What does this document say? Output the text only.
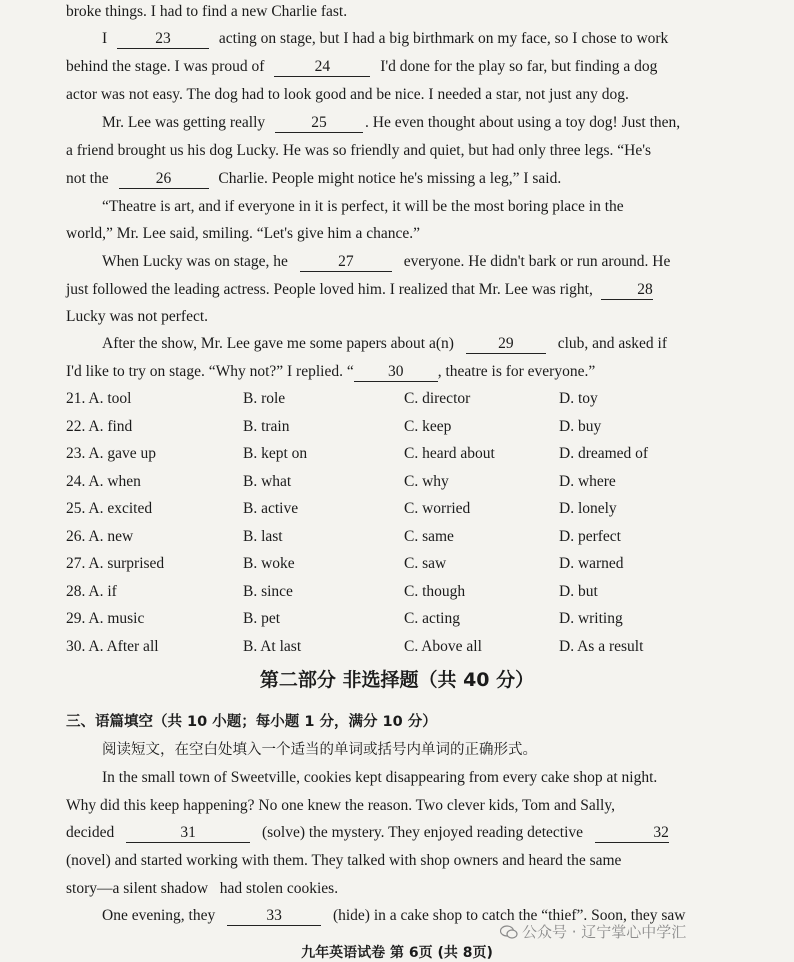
broke things. I had to find a new Charlie fast.
I	23	acting on stage, but I had a big birthmark on my face, so I chose to work
behind the stage. I was proud of	24	I'd done for the play so far, but finding a dog
actor was not easy. The dog had to look good and be nice. I needed a star, not just any dog.
Mr. Lee was getting really	25 . He even thought about using a toy dog! Just then,
a friend brought us his dog Lucky. He was so friendly and quiet, but had only three legs. “He's
not the	26	Charlie. People might notice he's missing a leg,” I said.
“Theatre is art, and if everyone in it is perfect, it will be the most boring place in the
world,” Mr. Lee said, smiling. “Let's give him a chance.”
When Lucky was on stage, he	27	everyone. He didn't bark or run around. He
just followed the leading actress. People loved him. I realized that Mr. Lee was right,	28
Lucky was not perfect.
After the show, Mr. Lee gave me some papers about a(n)	29	club, and asked if
I'd like to try on stage. “Why not?” I replied. “ 30 , theatre is for everyone.”
21. A. tool	B. role	C. director	D. toy
22. A. find	B. train	C. keep	D. buy
23. A. gave up	B. kept on	C. heard about	D. dreamed of
24. A. when	B. what	C. why	D. where
25. A. excited	B. active	C. worried	D. lonely
26. A. new	B. last	C. same	D. perfect
27. A. surprised	B. woke	C. saw	D. warned
28. A. if	B. since	C. though	D. but
29. A. music	B. pet	C. acting	D. writing
30. A. After all	B. At last	C. Above all	D. As a result
第二部分 非选择题（共 40 分）
三、语篇填空（共 10 小题；每小题 1 分，满分 10 分）
阅读短文，在空白处填入一个适当的单词或括号内单词的正确形式。
In the small town of Sweetville, cookies kept disappearing from every cake shop at night.
Why did this keep happening? No one knew the reason. Two clever kids, Tom and Sally,
decided	31	(solve) the mystery. They enjoyed reading detective	32
(novel) and started working with them. They talked with shop owners and heard the same
story—a silent shadow   had stolen cookies.
One evening, they	33	(hide) in a cake shop to catch the “thief”. Soon, they saw
公众号 · 辽宁掌心中学汇
九年英语试卷 第 6页 (共 8页)
